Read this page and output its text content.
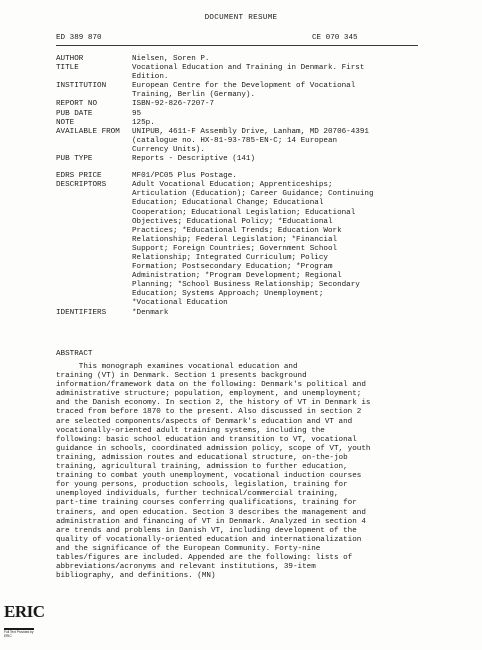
DOCUMENT RESUME
ED 389 870	CE 070 345
AUTHOR	Nielsen, Soren P.
TITLE	Vocational Education and Training in Denmark. First
Edition.
INSTITUTION	European Centre for the Development of Vocational
Training, Berlin (Germany).
REPORT NO	ISBN-92-826-7207-7
PUB DATE	95
NOTE	125p.
AVAILABLE FROM	UNIPUB, 4611-F Assembly Drive, Lanham, MD 20706-4391
(catalogue no. HX-81-93-785-EN-C; 14 European
Currency Units).
PUB TYPE	Reports - Descriptive (141)
EDRS PRICE	MF01/PC05 Plus Postage.
DESCRIPTORS	Adult Vocational Education; Apprenticeships;
Articulation (Education); Career Guidance; Continuing
Education; Educational Change; Educational
Cooperation; Educational Legislation; Educational
Objectives; Educational Policy; *Educational
Practices; *Educational Trends; Education Work
Relationship; Federal Legislation; *Financial
Support; Foreign Countries; Government School
Relationship; Integrated Curriculum; Policy
Formation; Postsecondary Education; *Program
Administration; *Program Development; Regional
Planning; *School Business Relationship; Secondary
Education; Systems Approach; Unemployment;
*Vocational Education
IDENTIFIERS	*Denmark
ABSTRACT
This monograph examines vocational education and
training (VT) in Denmark. Section 1 presents background
information/framework data on the following: Denmark's political and
administrative structure; population, employment, and unemployment;
and the Danish economy. In section 2, the history of VT in Denmark is
traced from before 1870 to the present. Also discussed in section 2
are selected components/aspects of Denmark's education and VT and
vocationally-oriented adult training systems, including the
following: basic school education and transition to VT, vocational
guidance in schools, coordinated admission policy, scope of VT, youth
training, admission routes and educational structure, on-the-job
training, agricultural training, admission to further education,
training to combat youth unemployment, vocational induction courses
for young persons, production schools, legislation, training for
unemployed individuals, further technical/commercial training,
part-time training courses conferring qualifications, training for
trainers, and open education. Section 3 describes the management and
administration and financing of VT in Denmark. Analyzed in section 4
are trends and problems in Danish VT, including development of the
quality of vocationally-oriented education and internationalization
and the significance of the European Community. Forty-nine
tables/figures are included. Appended are the following: lists of
abbreviations/acronyms and relevant institutions, 39-item
bibliography, and definitions. (MN)
ERIC
Full Text Provided by ERIC
